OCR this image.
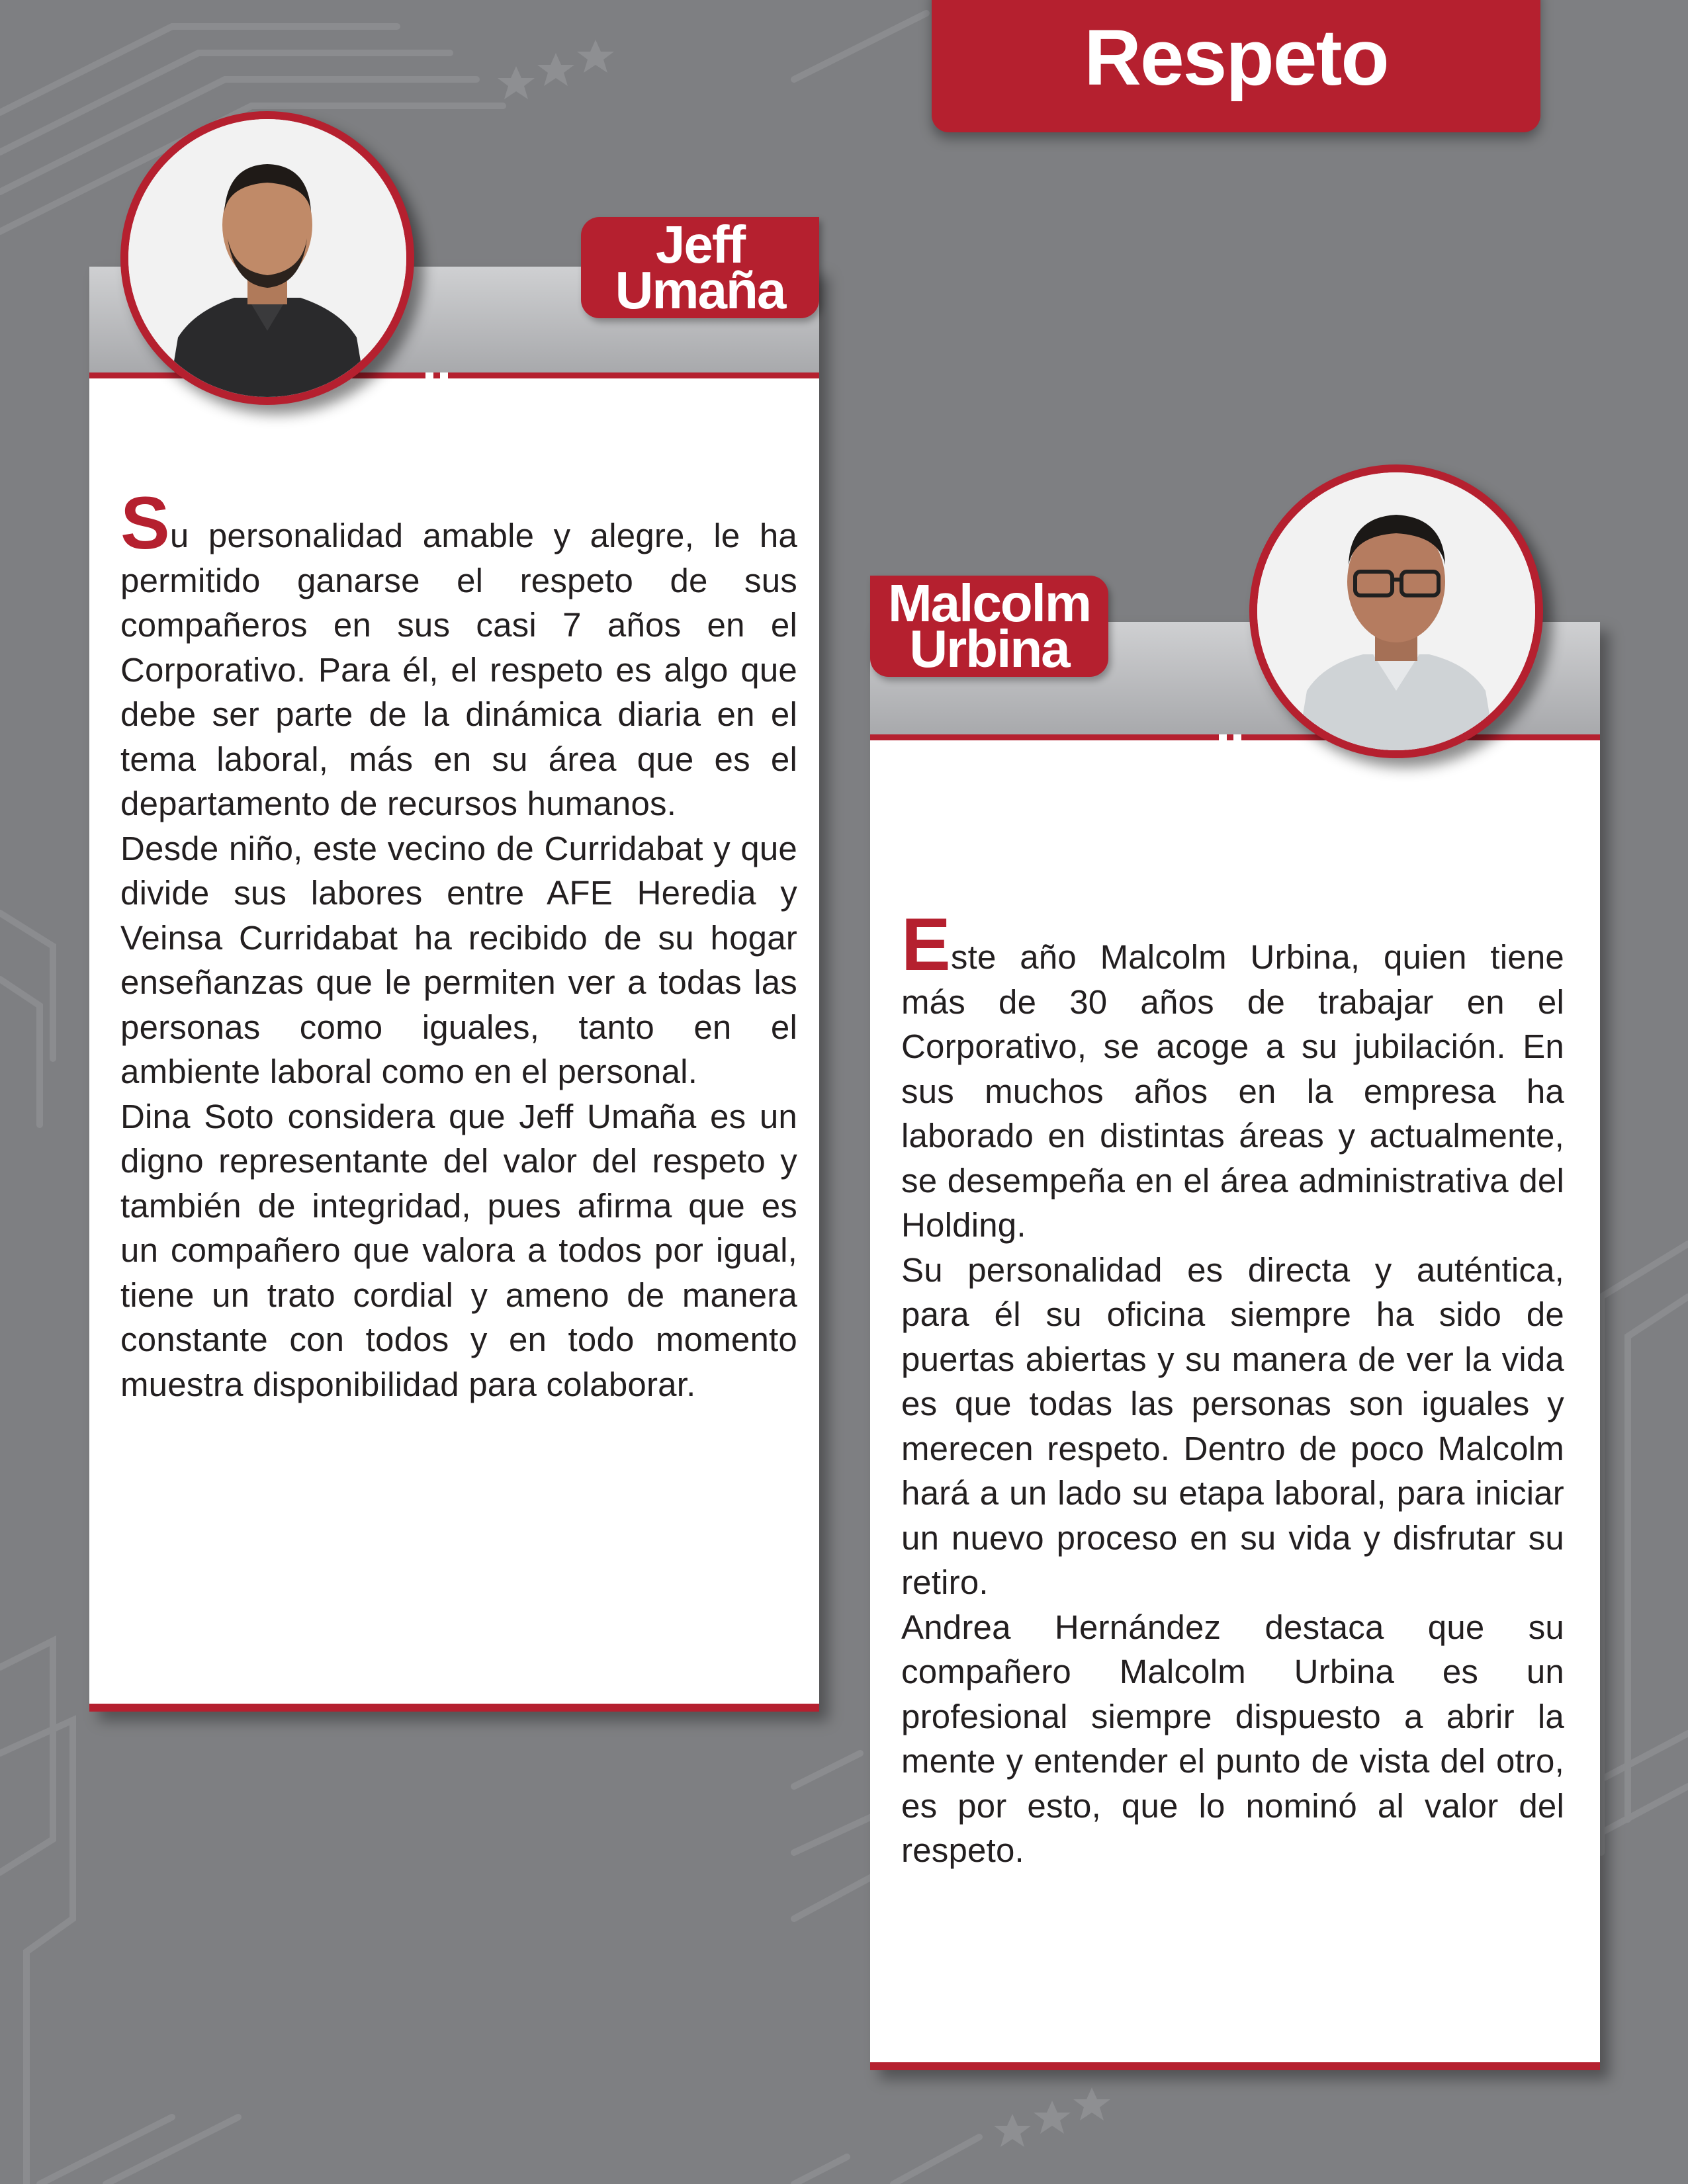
Respeto
Jeff
Umaña

Su personalidad amable y alegre, le ha permitido ganarse el respeto de sus compañeros en sus casi 7 años en el Corporativo. Para él, el respeto es algo que debe ser parte de la dinámica diaria en el tema laboral, más en su área que es el departamento de recursos humanos.

Desde niño, este vecino de Curridabat y que divide sus labores entre AFE Heredia y Veinsa Curridabat ha recibido de su hogar enseñanzas que le permiten ver a todas las personas como iguales, tanto en el ambiente laboral como en el personal.

Dina Soto considera que Jeff Umaña es un digno representante del valor del respeto y también de integridad, pues afirma que es un compañero que valora a todos por igual, tiene un trato cordial y ameno de manera constante con todos y en todo momento muestra disponibilidad para colaborar.

Malcolm
Urbina

Este año Malcolm Urbina, quien tiene más de 30 años de trabajar en el Corporativo, se acoge a su jubilación. En sus muchos años en la empresa ha laborado en distintas áreas y actualmente, se desempeña en el área administrativa del Holding.

Su personalidad es directa y auténtica, para él su oficina siempre ha sido de puertas abiertas y su manera de ver la vida es que todas las personas son iguales y merecen respeto. Dentro de poco Malcolm hará a un lado su etapa laboral, para iniciar un nuevo proceso en su vida y disfrutar su retiro.

Andrea Hernández destaca que su compañero Malcolm Urbina es un profesional siempre dispuesto a abrir la mente y entender el punto de vista del otro, es por esto, que lo nominó al valor del respeto.
